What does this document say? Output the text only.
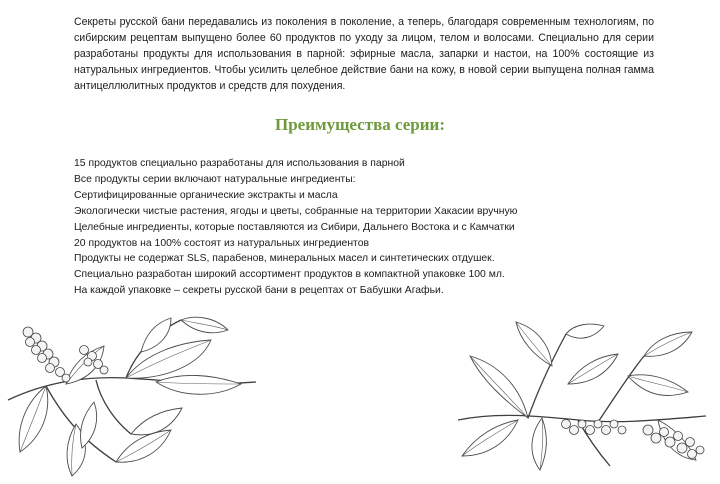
Секреты русской бани передавались из поколения в поколение, а теперь, благодаря современным технологиям, по сибирским рецептам выпущено более 60 продуктов по уходу за лицом, телом и волосами. Специально для серии разработаны продукты для использования в парной: эфирные масла, запарки и настои, на 100% состоящие из натуральных ингредиентов. Чтобы усилить целебное действие бани на кожу, в новой серии выпущена полная гамма антицеллюлитных продуктов и средств для похудения.

Преимущества серии:
15 продуктов специально разработаны для использования в парной
Все продукты серии включают натуральные ингредиенты:
Сертифицированные органические экстракты и масла
Экологически чистые растения, ягоды и цветы, собранные на территории Хакасии вручную
Целебные ингредиенты, которые поставляются из Сибири, Дальнего Востока и с Камчатки
20 продуктов на 100% состоят из натуральных ингредиентов
Продукты не содержат SLS, парабенов, минеральных масел и синтетических отдушек.
Специально разработан широкий ассортимент продуктов в компактной упаковке 100 мл.
На каждой упаковке – секреты русской бани в рецептах от Бабушки Агафьи.
